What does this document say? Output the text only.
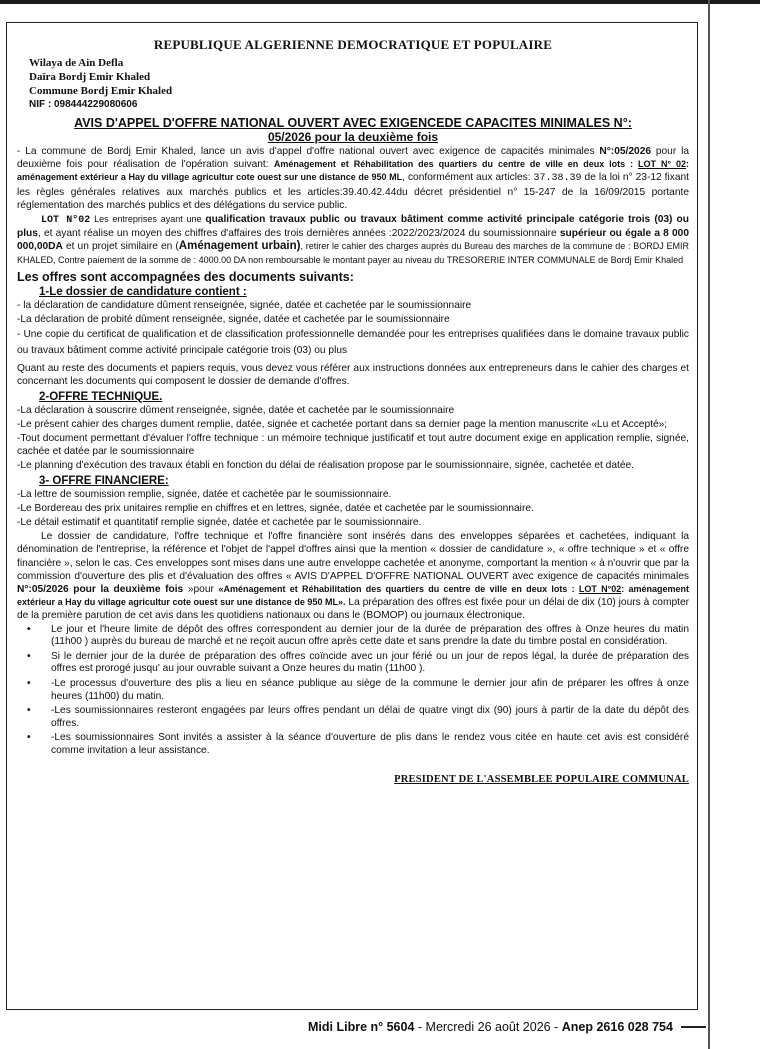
REPUBLIQUE ALGERIENNE DEMOCRATIQUE ET POPULAIRE
Wilaya de Ain Defla
Daïra Bordj Emir Khaled
Commune Bordj Emir Khaled
NIF : 098444229080606
AVIS D'APPEL D'OFFRE NATIONAL OUVERT AVEC EXIGENCEDE CAPACITES MINIMALES N°:
05/2026 pour la deuxième fois
- La commune de Bordj Emir Khaled, lance un avis d'appel d'offre national ouvert avec exigence de capacités minimales N°:05/2026 pour la deuxième fois pour réalisation de l'opération suivant: Aménagement et Réhabilitation des quartiers du centre de ville en deux lots : LOT N° 02: aménagement extérieur a Hay du village agricultur cote ouest sur une distance de 950 ML, conformément aux articles: 37.38.39 de la loi n° 23-12 fixant les règles générales relatives aux marchés publics et les articles:39.40.42.44du décret présidentiel n° 15-247 de la 16/09/2015 portante réglementation des marchés publics et des délégations du service public.
LOT N°02 Les entreprises ayant une qualification travaux public ou travaux bâtiment comme activité principale catégorie trois (03) ou plus, et ayant réalise un moyen des chiffres d'affaires des trois dernières années :2022/2023/2024 du soumissionnaire supérieur ou égale a 8 000 000,00DA et un projet similaire en (Aménagement urbain), retirer le cahier des charges auprès du Bureau des marches de la commune de : BORDJ EMIR KHALED, Contre paiement de la somme de : 4000.00 DA non remboursable le montant payer au niveau du TRESORERIE INTER COMMUNALE de Bordj Emir Khaled
Les offres sont accompagnées des documents suivants:
1-Le dossier de candidature contient :
- la déclaration de candidature dûment renseignée, signée, datée et cachetée par le soumissionnaire
-La déclaration de probité dûment renseignée, signée, datée et cachetée par le soumissionnaire
- Une copie du certificat de qualification et de classification professionnelle demandée pour les entreprises qualifiées dans le domaine travaux public ou travaux bâtiment comme activité principale catégorie trois (03) ou plus
Quant au reste des documents et papiers requis, vous devez vous référer aux instructions données aux entrepreneurs dans le cahier des charges et concernant les documents qui composent le dossier de demande d'offres.
2-OFFRE TECHNIQUE.
-La déclaration à souscrire dûment renseignée, signée, datée et cachetée par le soumissionnaire
-Le présent cahier des charges dument remplie, datée, signée et cachetée portant dans sa dernier page la mention manuscrite «Lu et Accepté»;
-Tout document permettant d'évaluer l'offre technique : un mémoire technique justificatif et tout autre document exige en application remplie, signée, cachée et datée par le soumissionnaire
-Le planning d'exécution des travaux établi en fonction du délai de réalisation propose par le soumissionnaire, signée, cachetée et datée.
3- OFFRE FINANCIERE:
-La lettre de soumission remplie, signée, datée et cachetée par le soumissionnaire.
-Le Bordereau des prix unitaires remplie en chiffres et en lettres, signée, datée et cachetée par le soumissionnaire.
-Le détail estimatif et quantitatif remplie signée, datée et cachetée par le soumissionnaire.
Le dossier de candidature, l'offre technique et l'offre financière sont insérés dans des enveloppes séparées et cachetées, indiquant la dénomination de l'entreprise, la référence et l'objet de l'appel d'offres ainsi que la mention « dossier de candidature », « offre technique » et « offre financière », selon le cas. Ces enveloppes sont mises dans une autre enveloppe cachetée et anonyme, comportant la mention « à n'ouvrir que par la commission d'ouverture des plis et d'évaluation des offres « AVIS D'APPEL D'OFFRE NATIONAL OUVERT avec exigence de capacités minimales N°:05/2026 pour la deuxième fois »pour «Aménagement et Réhabilitation des quartiers du centre de ville en deux lots : LOT N°02: aménagement extérieur a Hay du village agricultur cote ouest sur une distance de 950 ML». La préparation des offres est fixée pour un délai de dix (10) jours à compter de la première parution de cet avis dans les quotidiens nationaux ou dans le (BOMOP) ou journaux électronique.
• Le jour et l'heure limite de dépôt des offres correspondent au dernier jour de la durée de préparation des offres à Onze heures du matin (11h00 ) auprès du bureau de marché et ne reçoit aucun offre après cette date et sans prendre la date du timbre postal en considération.
• Si le dernier jour de la durée de préparation des offres coïncide avec un jour férié ou un jour de repos légal, la durée de préparation des offres est prorogé jusqu' au jour ouvrable suivant a Onze heures du matin (11h00 ).
• -Le processus d'ouverture des plis a lieu en séance publique au siège de la commune le dernier jour afin de préparer les offres à onze heures (11h00) du matin.
• -Les soumissionnaires resteront engagées par leurs offres pendant un délai de quatre vingt dix (90) jours à partir de la date du dépôt des offres.
• -Les soumissionnaires Sont invités a assister à la séance d'ouverture de plis dans le rendez vous citée en haute cet avis est considéré comme invitation a leur assistance.
PRESIDENT DE L'ASSEMBLEE POPULAIRE COMMUNAL
Midi Libre n° 5604 - Mercredi 26 août 2026 - Anep 2616 028 754
